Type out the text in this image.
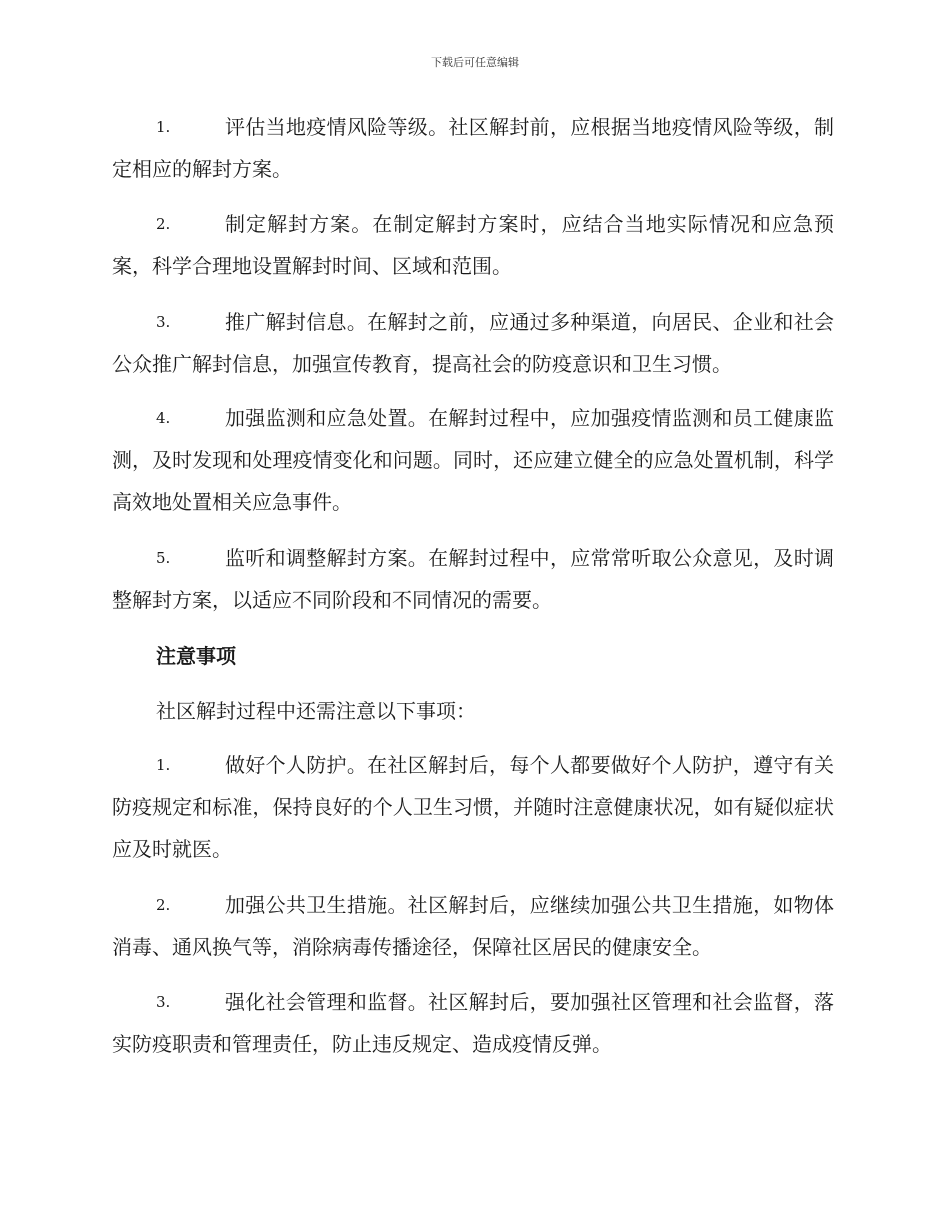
下载后可任意编辑
1.	评估当地疫情风险等级。社区解封前，应根据当地疫情风险等级，制定相应的解封方案。
2.	制定解封方案。在制定解封方案时，应结合当地实际情况和应急预案，科学合理地设置解封时间、区域和范围。
3.	推广解封信息。在解封之前，应通过多种渠道，向居民、企业和社会公众推广解封信息，加强宣传教育，提高社会的防疫意识和卫生习惯。
4.	加强监测和应急处置。在解封过程中，应加强疫情监测和员工健康监测，及时发现和处理疫情变化和问题。同时，还应建立健全的应急处置机制，科学高效地处置相关应急事件。
5.	监听和调整解封方案。在解封过程中，应常常听取公众意见，及时调整解封方案，以适应不同阶段和不同情况的需要。
注意事项
社区解封过程中还需注意以下事项：
1.	做好个人防护。在社区解封后，每个人都要做好个人防护，遵守有关防疫规定和标准，保持良好的个人卫生习惯，并随时注意健康状况，如有疑似症状应及时就医。
2.	加强公共卫生措施。社区解封后，应继续加强公共卫生措施，如物体消毒、通风换气等，消除病毒传播途径，保障社区居民的健康安全。
3.	强化社会管理和监督。社区解封后，要加强社区管理和社会监督，落实防疫职责和管理责任，防止违反规定、造成疫情反弹。
